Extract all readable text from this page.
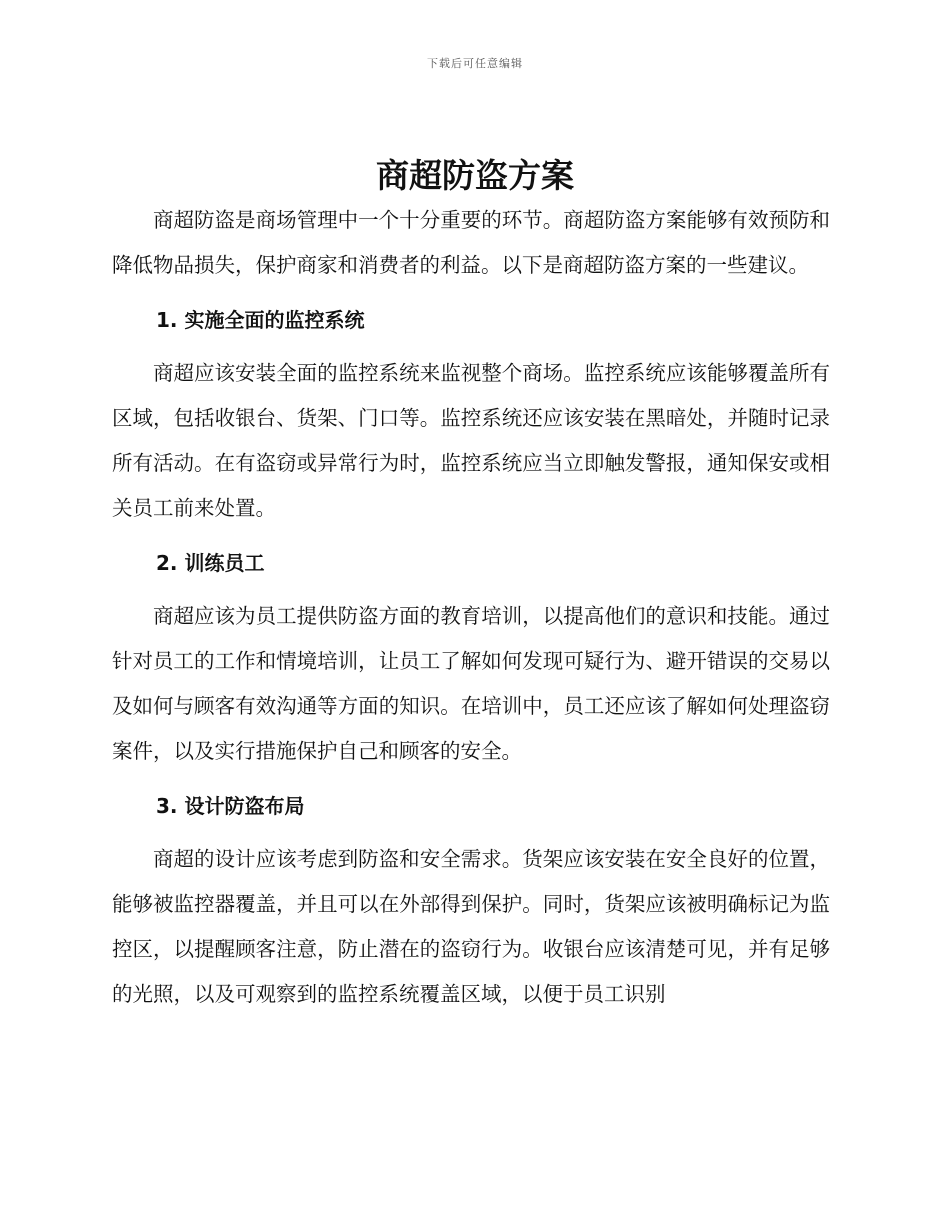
下载后可任意编辑
商超防盗方案

商超防盗是商场管理中一个十分重要的环节。商超防盗方案能够有效预防和降低物品损失，保护商家和消费者的利益。以下是商超防盗方案的一些建议。

1. 实施全面的监控系统

商超应该安装全面的监控系统来监视整个商场。监控系统应该能够覆盖所有区域，包括收银台、货架、门口等。监控系统还应该安装在黑暗处，并随时记录所有活动。在有盗窃或异常行为时，监控系统应当立即触发警报，通知保安或相关员工前来处置。

2. 训练员工

商超应该为员工提供防盗方面的教育培训，以提高他们的意识和技能。通过针对员工的工作和情境培训，让员工了解如何发现可疑行为、避开错误的交易以及如何与顾客有效沟通等方面的知识。在培训中，员工还应该了解如何处理盗窃案件，以及实行措施保护自己和顾客的安全。

3. 设计防盗布局

商超的设计应该考虑到防盗和安全需求。货架应该安装在安全良好的位置，能够被监控器覆盖，并且可以在外部得到保护。同时，货架应该被明确标记为监控区，以提醒顾客注意，防止潜在的盗窃行为。收银台应该清楚可见，并有足够的光照，以及可观察到的监控系统覆盖区域，以便于员工识别
